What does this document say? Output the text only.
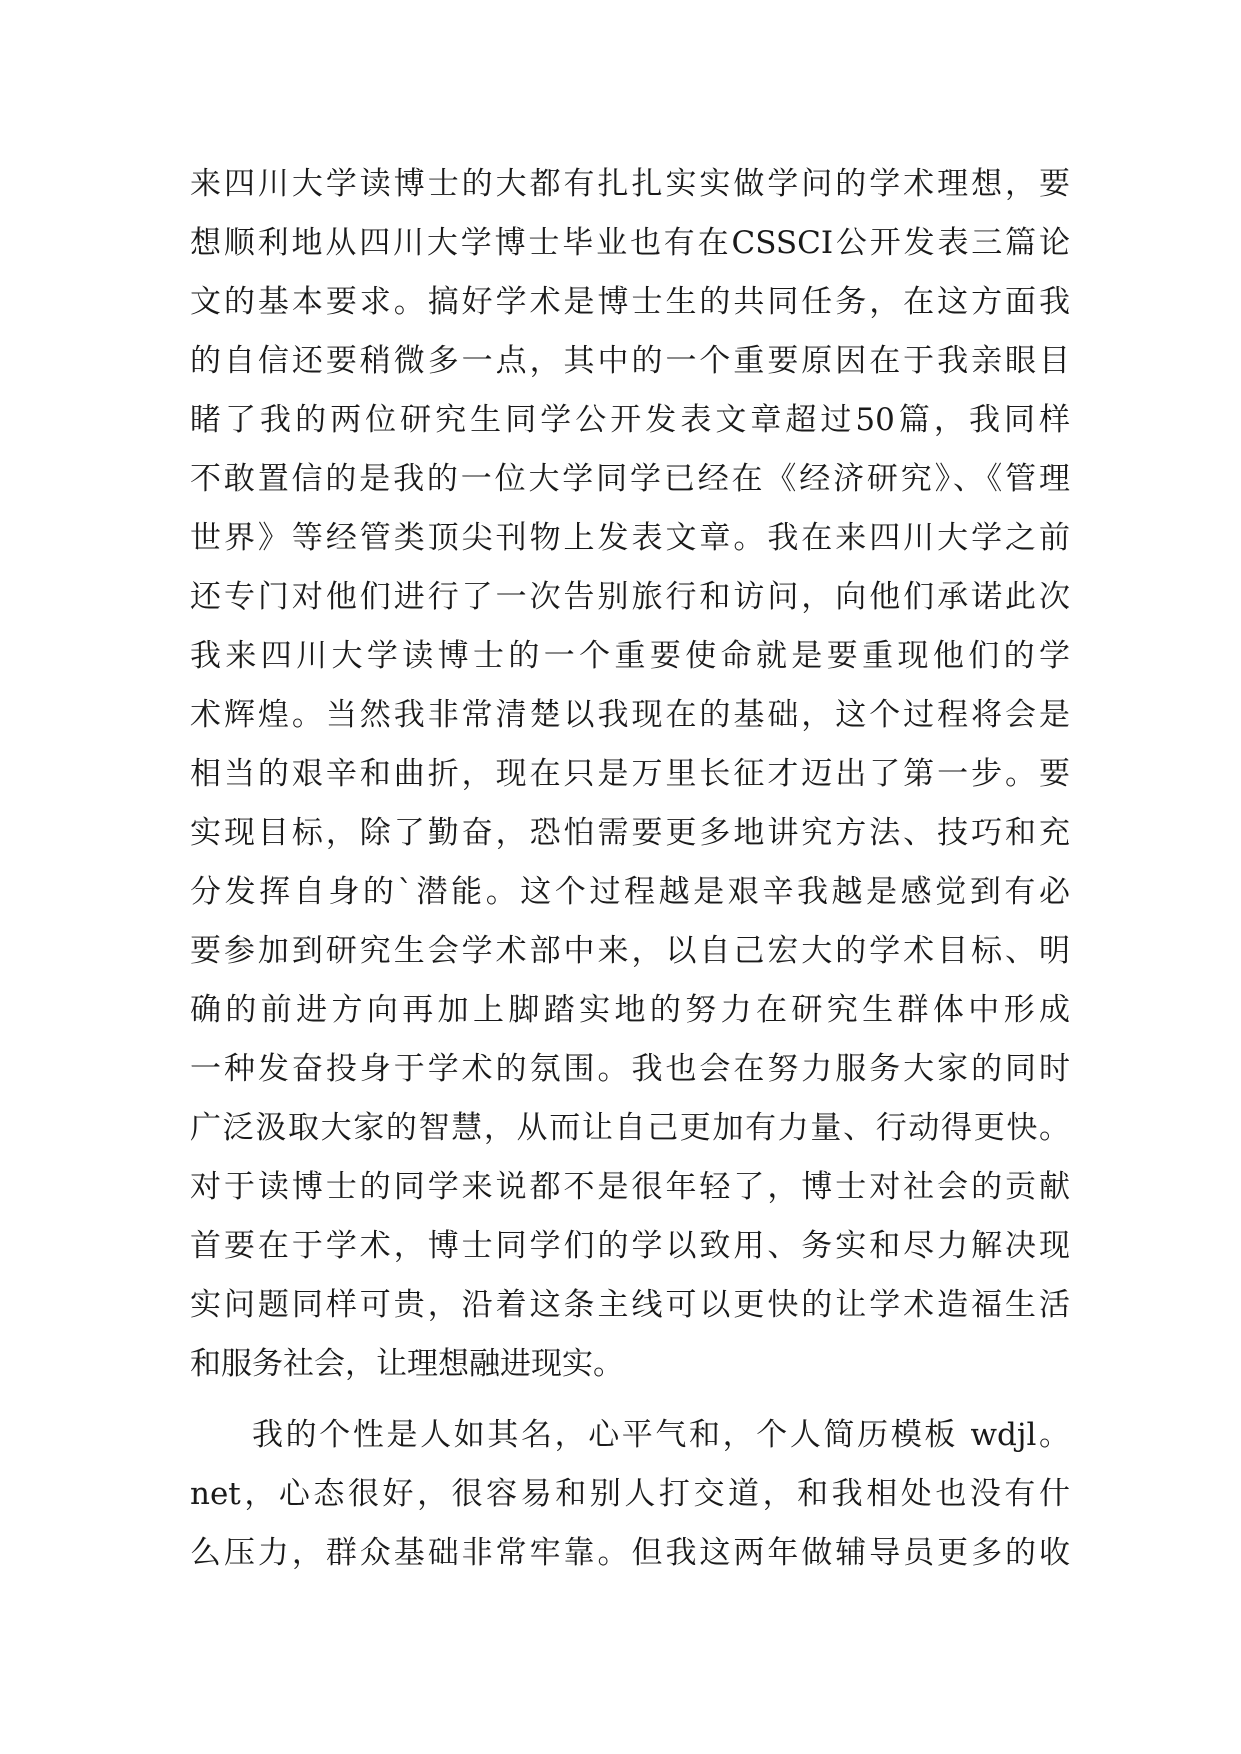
来四川大学读博士的大都有扎扎实实做学问的学术理想，要
想顺利地从四川大学博士毕业也有在CSSCI公开发表三篇论
文的基本要求。搞好学术是博士生的共同任务，在这方面我
的自信还要稍微多一点，其中的一个重要原因在于我亲眼目
睹了我的两位研究生同学公开发表文章超过50篇，我同样
不敢置信的是我的一位大学同学已经在《经济研究》、《管理
世界》等经管类顶尖刊物上发表文章。我在来四川大学之前
还专门对他们进行了一次告别旅行和访问，向他们承诺此次
我来四川大学读博士的一个重要使命就是要重现他们的学
术辉煌。当然我非常清楚以我现在的基础，这个过程将会是
相当的艰辛和曲折，现在只是万里长征才迈出了第一步。要
实现目标，除了勤奋，恐怕需要更多地讲究方法、技巧和充
分发挥自身的`潜能。这个过程越是艰辛我越是感觉到有必
要参加到研究生会学术部中来，以自己宏大的学术目标、明
确的前进方向再加上脚踏实地的努力在研究生群体中形成
一种发奋投身于学术的氛围。我也会在努力服务大家的同时
广泛汲取大家的智慧，从而让自己更加有力量、行动得更快。
对于读博士的同学来说都不是很年轻了，博士对社会的贡献
首要在于学术，博士同学们的学以致用、务实和尽力解决现
实问题同样可贵，沿着这条主线可以更快的让学术造福生活
和服务社会，让理想融进现实。
我的个性是人如其名，心平气和，个人简历模板 wdjl。
net，心态很好，很容易和别人打交道，和我相处也没有什
么压力，群众基础非常牢靠。但我这两年做辅导员更多的收
